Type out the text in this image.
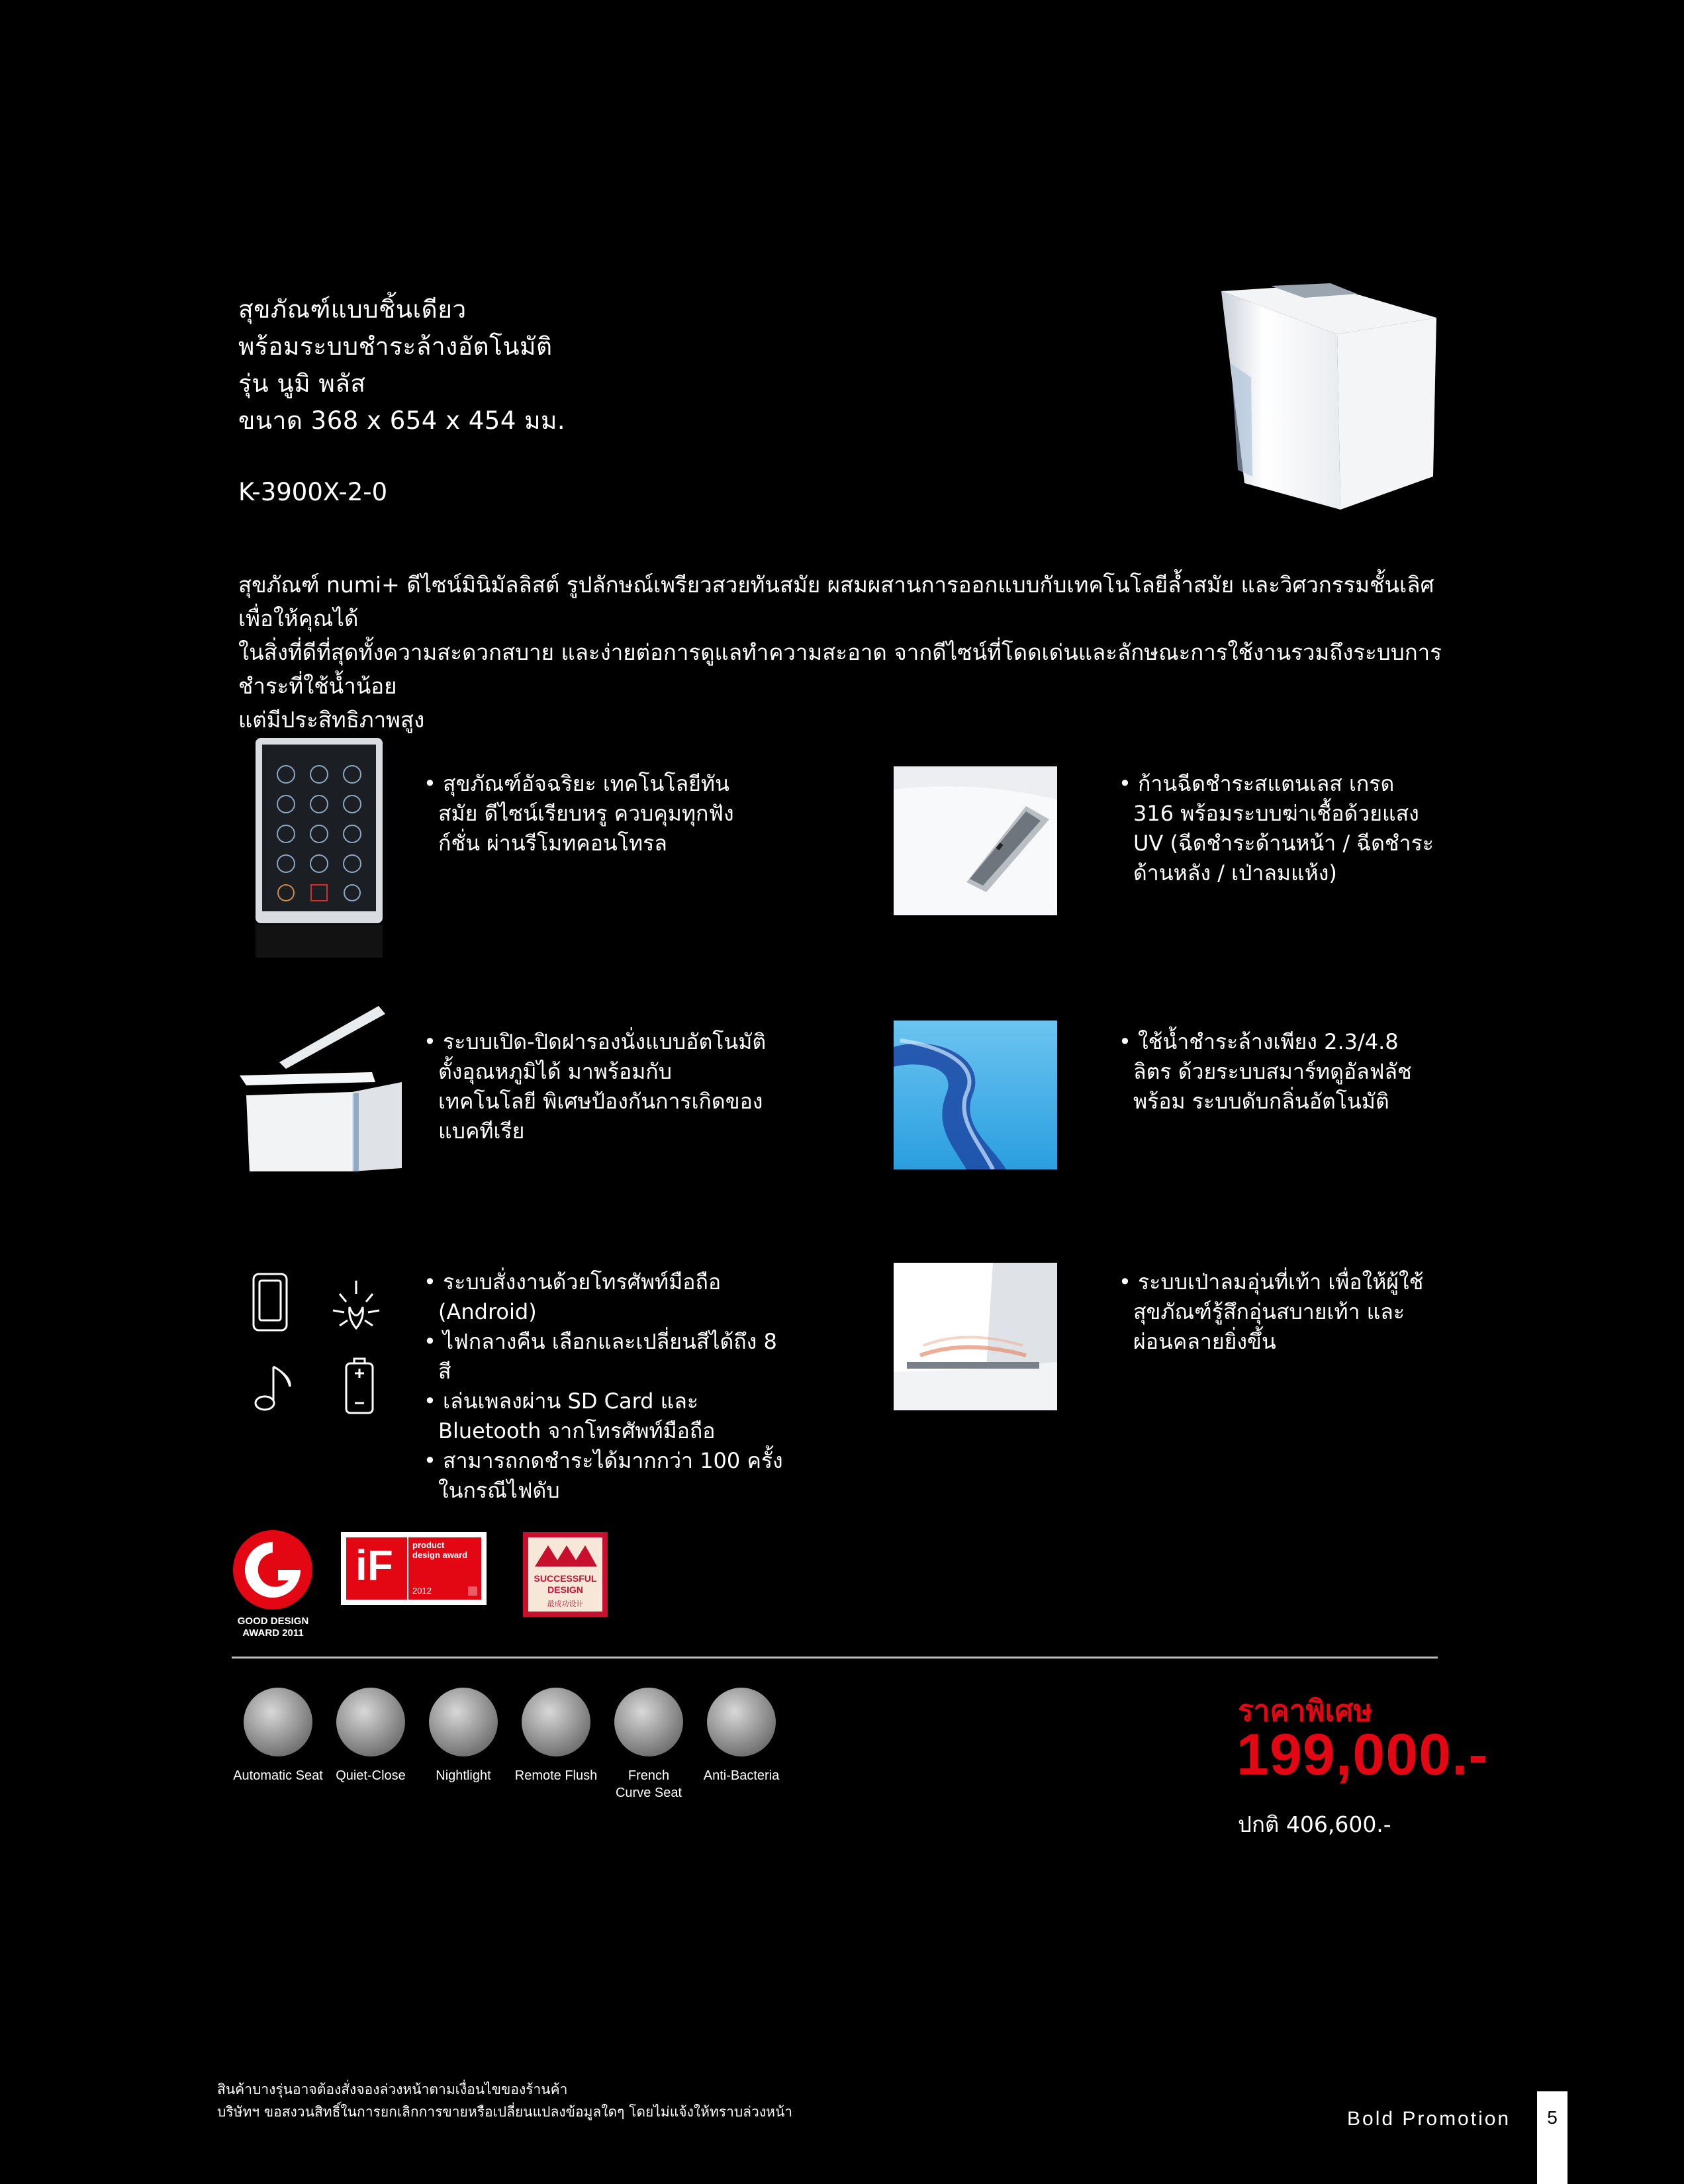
สุขภัณฑ์แบบชิ้นเดียว
พร้อมระบบชำระล้างอัตโนมัติ
รุ่น นูมิ พลัส
ขนาด 368 x 654 x 454 มม.
K-3900X-2-0
สุขภัณฑ์ numi+ ดีไซน์มินิมัลลิสต์ รูปลักษณ์เพรียวสวยทันสมัย ผสมผสานการออกแบบกับเทคโนโลยีล้ำสมัย และวิศวกรรมชั้นเลิศเพื่อให้คุณได้
ในสิ่งที่ดีที่สุดทั้งความสะดวกสบาย และง่ายต่อการดูแลทำความสะอาด จากดีไซน์ที่โดดเด่นและลักษณะการใช้งานรวมถึงระบบการชำระที่ใช้น้ำน้อย
แต่มีประสิทธิภาพสูง

• สุขภัณฑ์อัจฉริยะ เทคโนโลยีทันสมัย ดีไซน์เรียบหรู ควบคุมทุกฟังก์ชั่น ผ่านรีโมทคอนโทรล

• ก้านฉีดชำระสแตนเลส เกรด 316 พร้อมระบบฆ่าเชื้อด้วยแสง UV (ฉีดชำระด้านหน้า / ฉีดชำระด้านหลัง / เป่าลมแห้ง)

• ระบบเปิด-ปิดฝารองนั่งแบบอัตโนมัติ ตั้งอุณหภูมิได้ มาพร้อมกับเทคโนโลยี พิเศษป้องกันการเกิดของแบคทีเรีย

• ใช้น้ำชำระล้างเพียง 2.3/4.8 ลิตร ด้วยระบบสมาร์ทดูอัลฟลัช พร้อม ระบบดับกลิ่นอัตโนมัติ

• ระบบสั่งงานด้วยโทรศัพท์มือถือ (Android)

• ไฟกลางคืน เลือกและเปลี่ยนสีได้ถึง 8 สี

• เล่นเพลงผ่าน SD Card และ Bluetooth จากโทรศัพท์มือถือ

• สามารถกดชำระได้มากกว่า 100 ครั้ง ในกรณีไฟดับ

• ระบบเป่าลมอุ่นที่เท้า เพื่อให้ผู้ใช้ สุขภัณฑ์รู้สึกอุ่นสบายเท้า และผ่อนคลายยิ่งขึ้น

GOOD DESIGN
AWARD 2011
iF	product
design award
2012
SUCCESSFUL
DESIGN
最成功设计
Automatic Seat Quiet-Close	Nightlight	Remote Flush	French Curve Seat
Anti-Bacteria
ราคาพิเศษ
199,000.-
ปกติ 406,600.-
สินค้าบางรุ่นอาจต้องสั่งจองล่วงหน้าตามเงื่อนไขของร้านค้า
บริษัทฯ ขอสงวนสิทธิ์ในการยกเลิกการขายหรือเปลี่ยนแปลงข้อมูลใดๆ โดยไม่แจ้งให้ทราบล่วงหน้า	Bold Promotion	5
